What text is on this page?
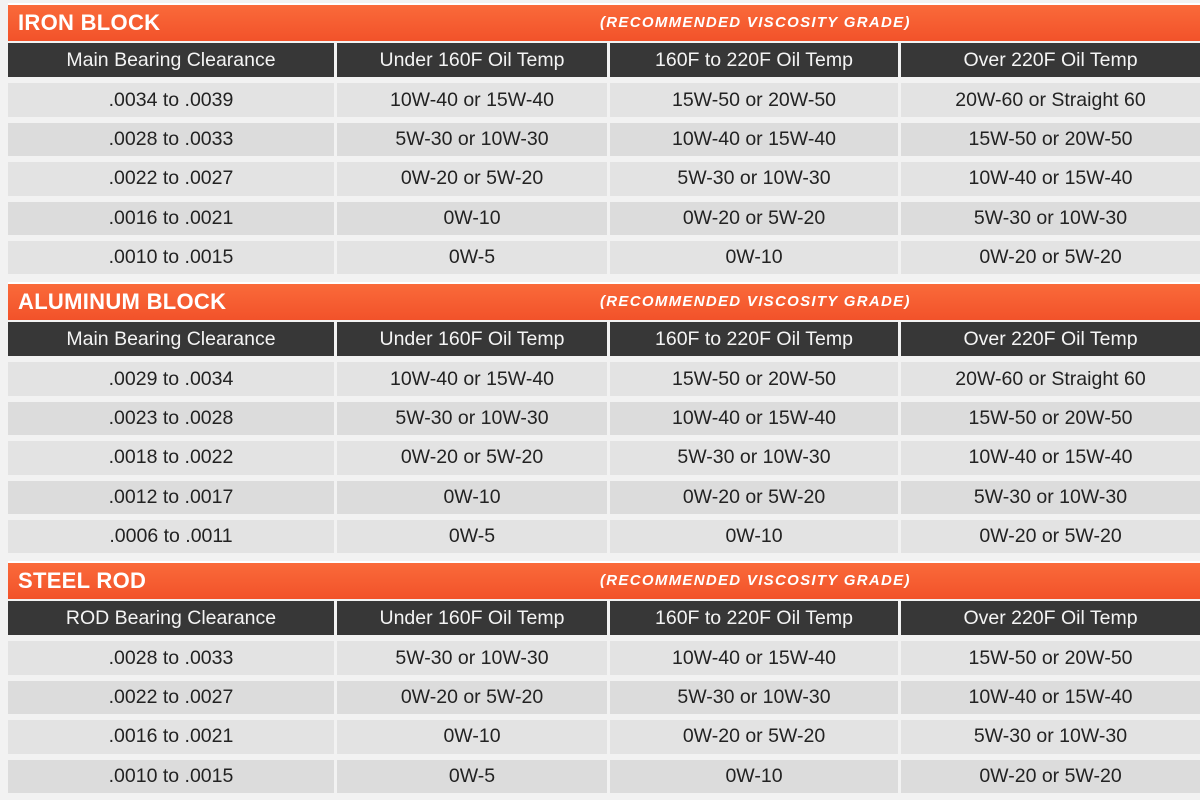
IRON BLOCK	(RECOMMENDED VISCOSITY GRADE)
Main Bearing Clearance	Under 160F Oil Temp	160F to 220F Oil Temp	Over 220F Oil Temp
.0034 to .0039	10W-40 or 15W-40	15W-50 or 20W-50	20W-60 or Straight 60
.0028 to .0033	5W-30 or 10W-30	10W-40 or 15W-40	15W-50 or 20W-50
.0022 to .0027	0W-20 or 5W-20	5W-30 or 10W-30	10W-40 or 15W-40
.0016 to .0021	0W-10	0W-20 or 5W-20	5W-30 or 10W-30
.0010 to .0015	0W-5	0W-10	0W-20 or 5W-20
ALUMINUM BLOCK	(RECOMMENDED VISCOSITY GRADE)
Main Bearing Clearance	Under 160F Oil Temp	160F to 220F Oil Temp	Over 220F Oil Temp
.0029 to .0034	10W-40 or 15W-40	15W-50 or 20W-50	20W-60 or Straight 60
.0023 to .0028	5W-30 or 10W-30	10W-40 or 15W-40	15W-50 or 20W-50
.0018 to .0022	0W-20 or 5W-20	5W-30 or 10W-30	10W-40 or 15W-40
.0012 to .0017	0W-10	0W-20 or 5W-20	5W-30 or 10W-30
.0006 to .0011	0W-5	0W-10	0W-20 or 5W-20
STEEL ROD	(RECOMMENDED VISCOSITY GRADE)
ROD Bearing Clearance	Under 160F Oil Temp	160F to 220F Oil Temp	Over 220F Oil Temp
.0028 to .0033	5W-30 or 10W-30	10W-40 or 15W-40	15W-50 or 20W-50
.0022 to .0027	0W-20 or 5W-20	5W-30 or 10W-30	10W-40 or 15W-40
.0016 to .0021	0W-10	0W-20 or 5W-20	5W-30 or 10W-30
.0010 to .0015	0W-5	0W-10	0W-20 or 5W-20
